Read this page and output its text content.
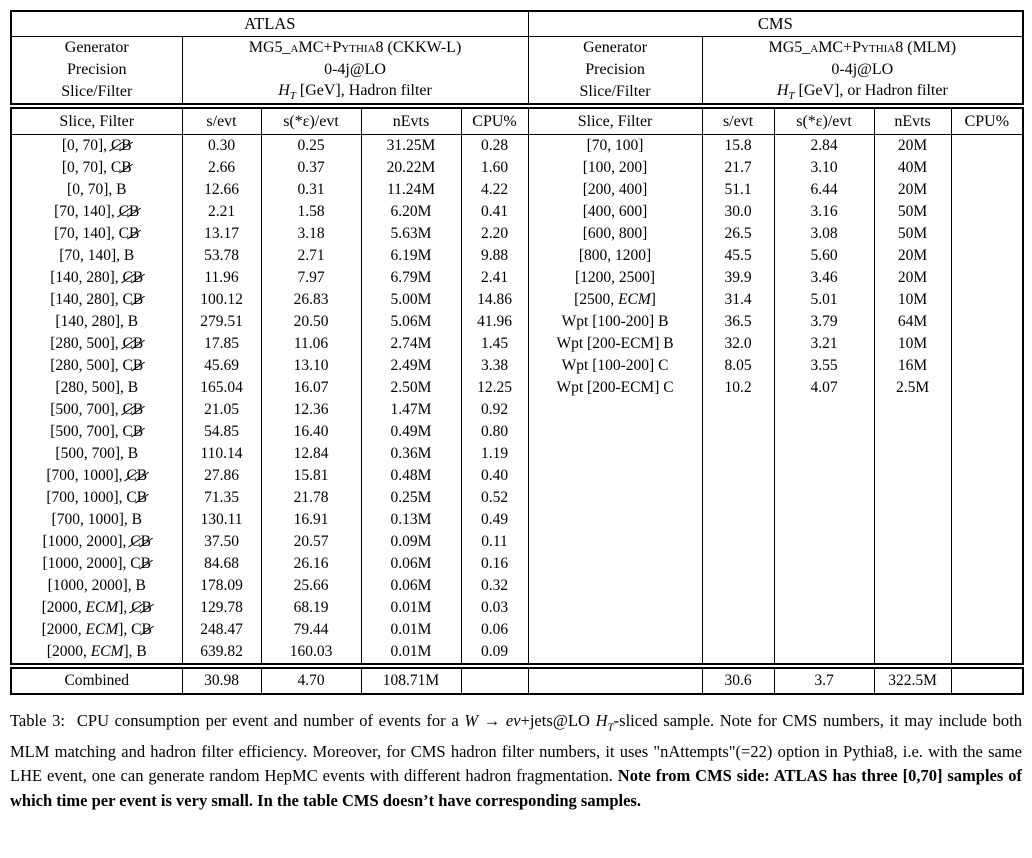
ATLAS					CMS				
Generator	MG5_aMC+Pythia8 (CKKW-L)				Generator	MG5_aMC+Pythia8 (MLM)			
Precision	0-4j@LO				Precision	0-4j@LO			
Slice/Filter	$H_T$ [GeV], Hadron filter				Slice/Filter	$H_T$ [GeV], or Hadron filter			
Slice, Filter	s/evt	s(*ε)/evt	nEvts	CPU%	Slice, Filter	s/evt	s(*ε)/evt	nEvts	CPU%
[0, 70], CB	0.30	0.25	31.25M	0.28	[70, 100]	15.8	2.84	20M	
[0, 70], CB	2.66	0.37	20.22M	1.60	[100, 200]	21.7	3.10	40M	
[0, 70], B	12.66	0.31	11.24M	4.22	[200, 400]	51.1	6.44	20M	
[70, 140], CB	2.21	1.58	6.20M	0.41	[400, 600]	30.0	3.16	50M	
[70, 140], CB	13.17	3.18	5.63M	2.20	[600, 800]	26.5	3.08	50M	
[70, 140], B	53.78	2.71	6.19M	9.88	[800, 1200]	45.5	5.60	20M	
[140, 280], CB	11.96	7.97	6.79M	2.41	[1200, 2500]	39.9	3.46	20M	
[140, 280], CB	100.12	26.83	5.00M	14.86	[2500, ECM]	31.4	5.01	10M	
[140, 280], B	279.51	20.50	5.06M	41.96	Wpt [100-200] B	36.5	3.79	64M	
[280, 500], CB	17.85	11.06	2.74M	1.45	Wpt [200-ECM] B	32.0	3.21	10M	
[280, 500], CB	45.69	13.10	2.49M	3.38	Wpt [100-200] C	8.05	3.55	16M	
[280, 500], B	165.04	16.07	2.50M	12.25	Wpt [200-ECM] C	10.2	4.07	2.5M	
[500, 700], CB	21.05	12.36	1.47M	0.92					
[500, 700], CB	54.85	16.40	0.49M	0.80					
[500, 700], B	110.14	12.84	0.36M	1.19					
[700, 1000], CB	27.86	15.81	0.48M	0.40					
[700, 1000], CB	71.35	21.78	0.25M	0.52					
[700, 1000], B	130.11	16.91	0.13M	0.49					
[1000, 2000], CB	37.50	20.57	0.09M	0.11					
[1000, 2000], CB	84.68	26.16	0.06M	0.16					
[1000, 2000], B	178.09	25.66	0.06M	0.32					
[2000, ECM], CB	129.78	68.19	0.01M	0.03					
[2000, ECM], CB	248.47	79.44	0.01M	0.06					
[2000, ECM], B	639.82	160.03	0.01M	0.09					
Combined	30.98	4.70	108.71M			30.6	3.7	322.5M	

Table 3: CPU consumption per event and number of events for a W → eν+jets@LO $H_T$-sliced sample. Note for CMS numbers, it may include both MLM matching and hadron filter efficiency. Moreover, for CMS hadron filter numbers, it uses "nAttempts"(=22) option in Pythia8, i.e. with the same LHE event, one can generate random HepMC events with different hadron fragmentation. Note from CMS side: ATLAS has three [0,70] samples of which time per event is very small. In the table CMS doesn’t have corresponding samples.
